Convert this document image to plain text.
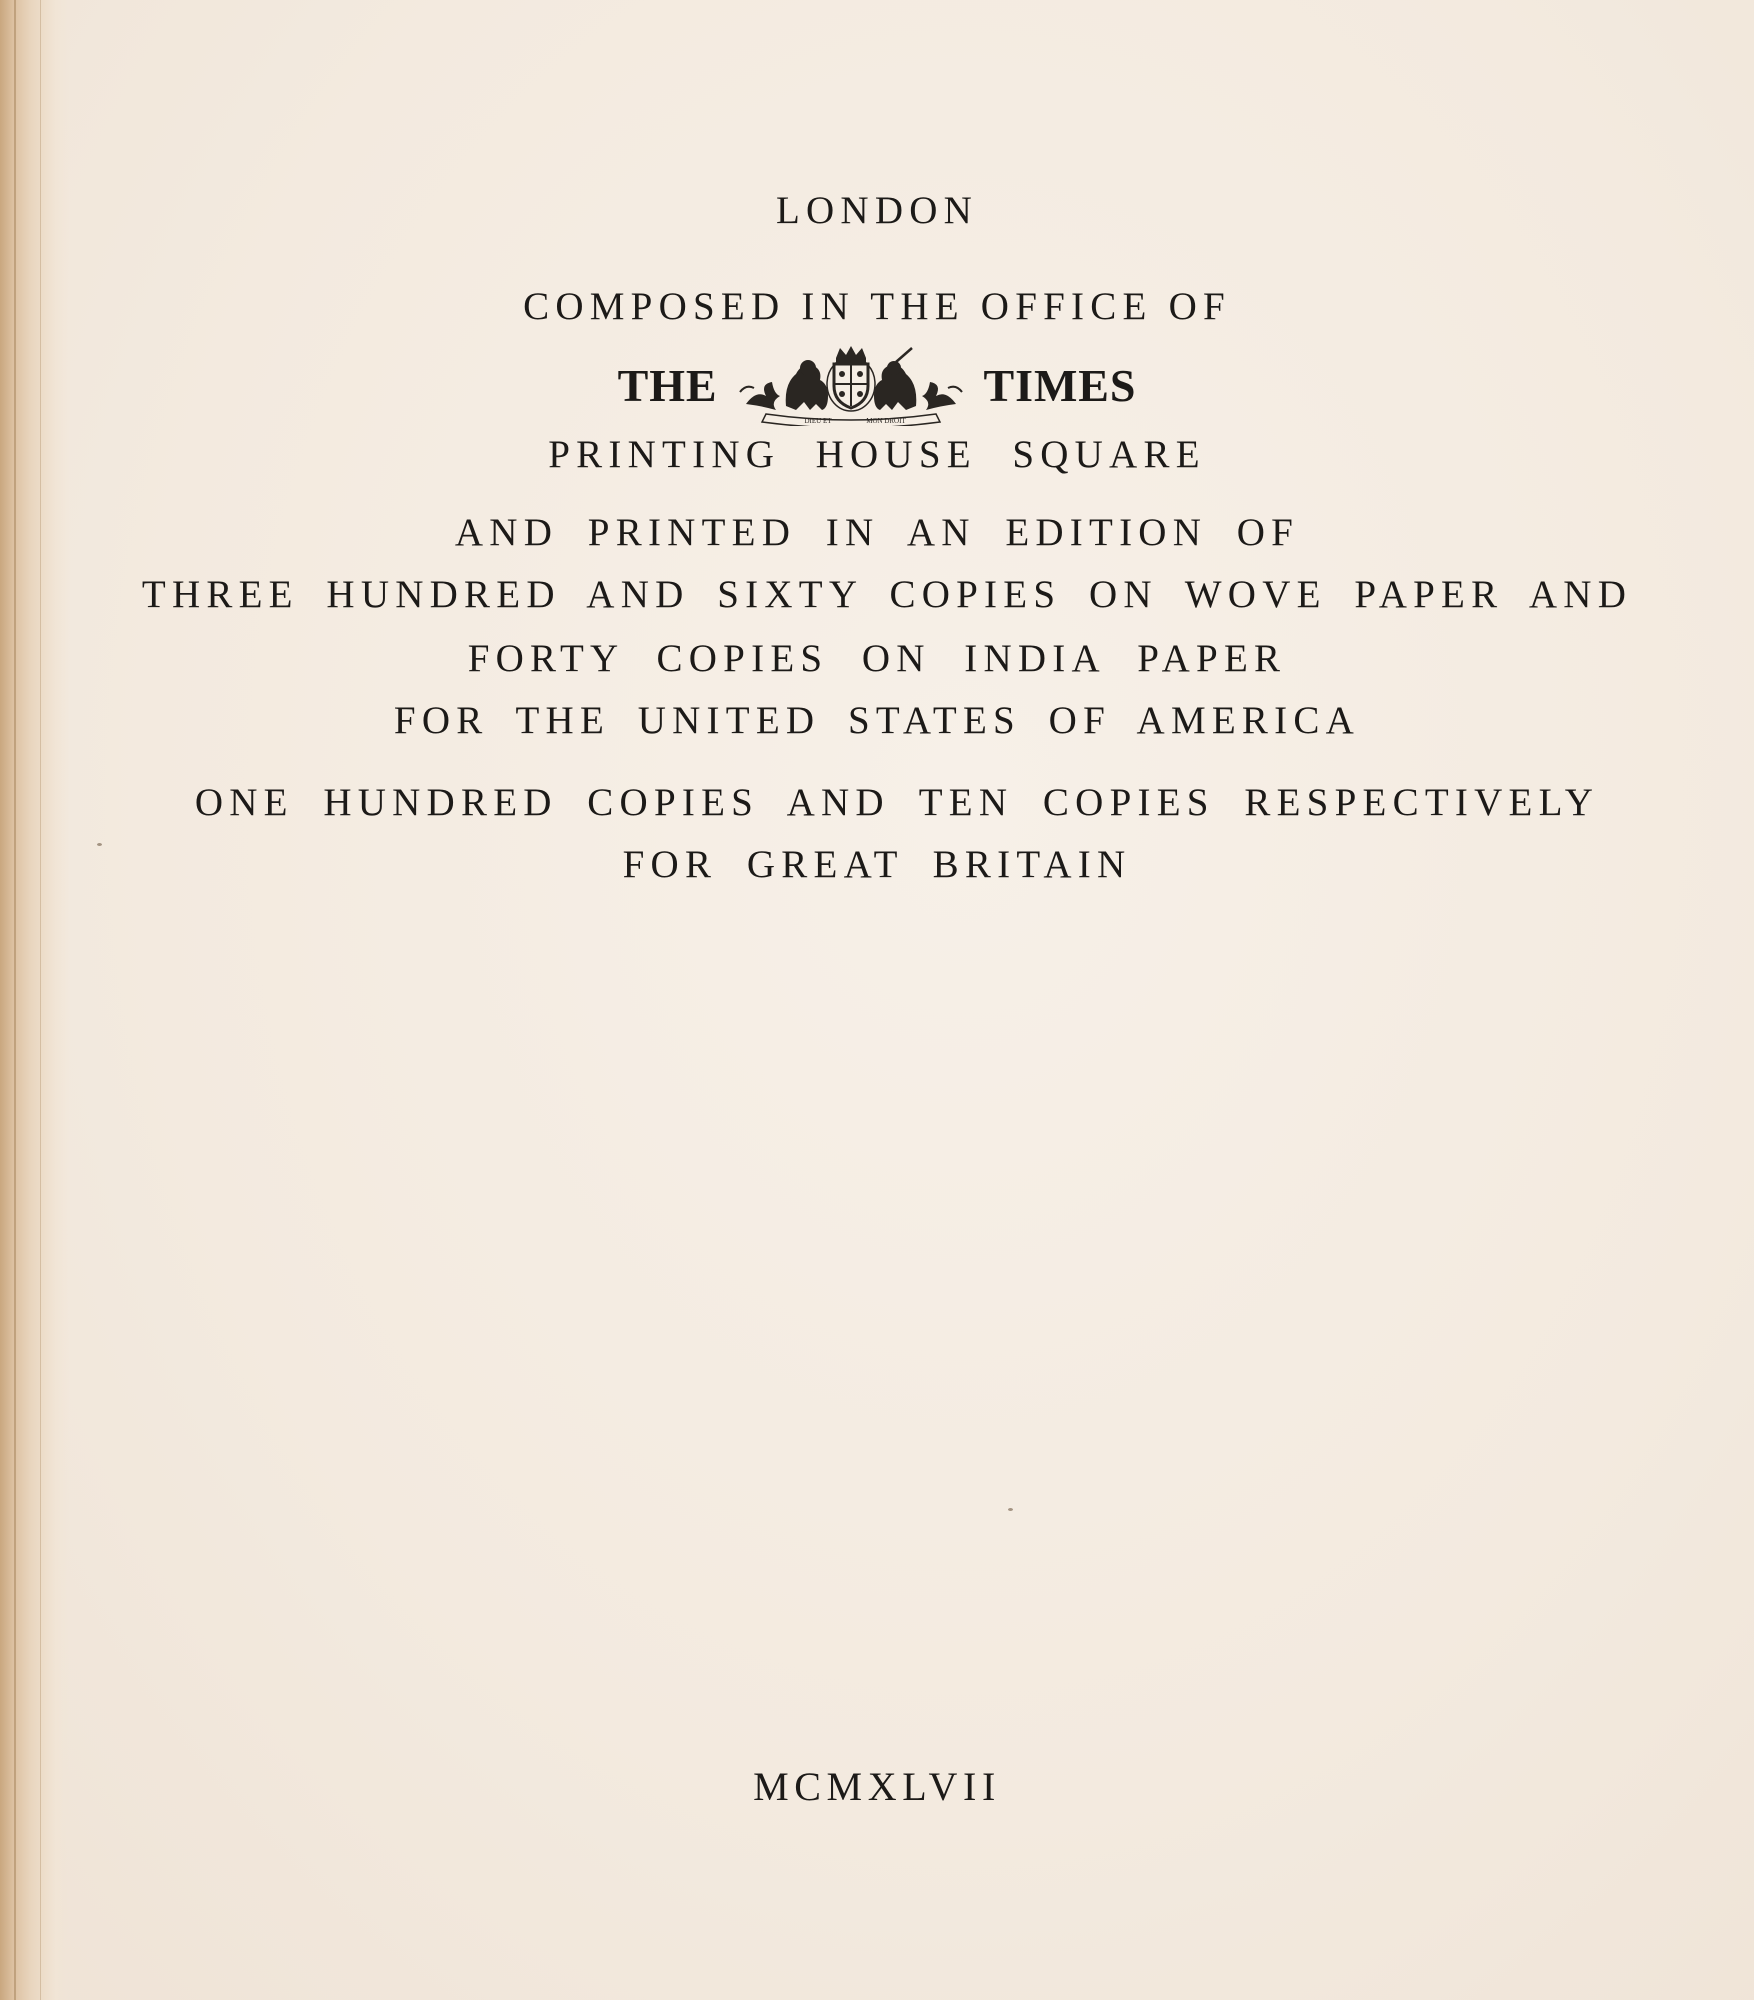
LONDON
COMPOSED IN THE OFFICE OF
THE
DIEU ET	MON DROIT
TIMES
PRINTING HOUSE SQUARE
AND PRINTED IN AN EDITION OF
THREE HUNDRED AND SIXTY COPIES ON WOVE PAPER AND
FORTY COPIES ON INDIA PAPER
FOR THE UNITED STATES OF AMERICA
ONE HUNDRED COPIES AND TEN COPIES RESPECTIVELY
FOR GREAT BRITAIN
MCMXLVII
